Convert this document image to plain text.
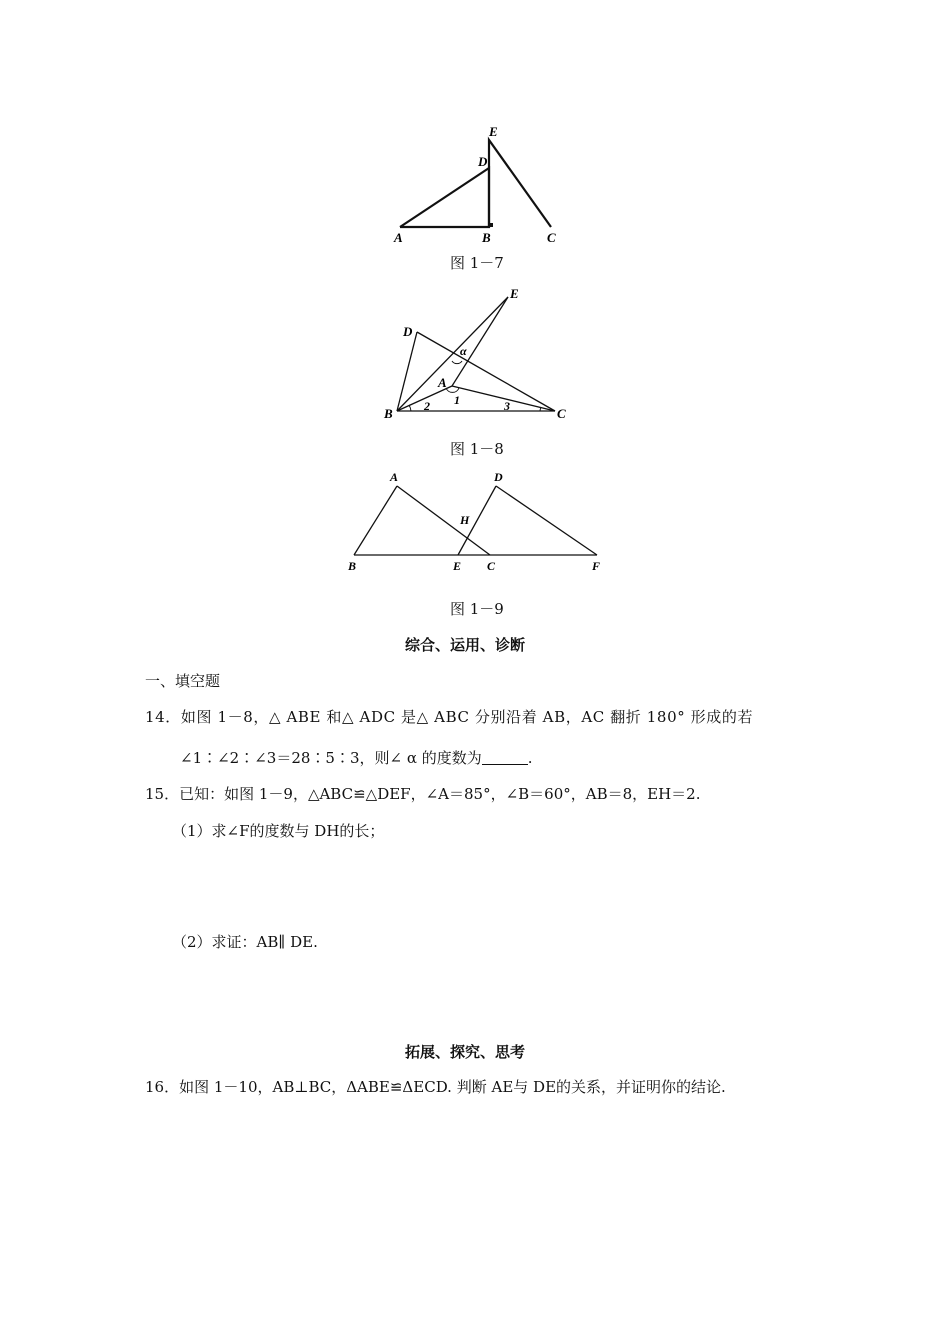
A	B	C
D
E
图 1－7
A
B	C
D
E
α
1
2	3
图 1－8
A
B	C
D
E	F
H
图 1－9
综合、运用、诊断
一、填空题
14．如图 1－8，△ ABE 和△ ADC 是△ ABC 分别沿着 AB，AC 翻折 180° 形成的若
∠1∶∠2∶∠3＝28∶5∶3，则∠ α 的度数为	.
15．已知：如图 1－9，△ABC≌△DEF，∠A＝85°，∠B＝60°，AB＝8，EH＝2.
（1）求∠F的度数与 DH的长；
（2）求证：AB∥ DE.
拓展、探究、思考
16．如图 1－10，AB⊥BC，ΔABE≌ΔECD. 判断 AE与 DE的关系，并证明你的结论.
